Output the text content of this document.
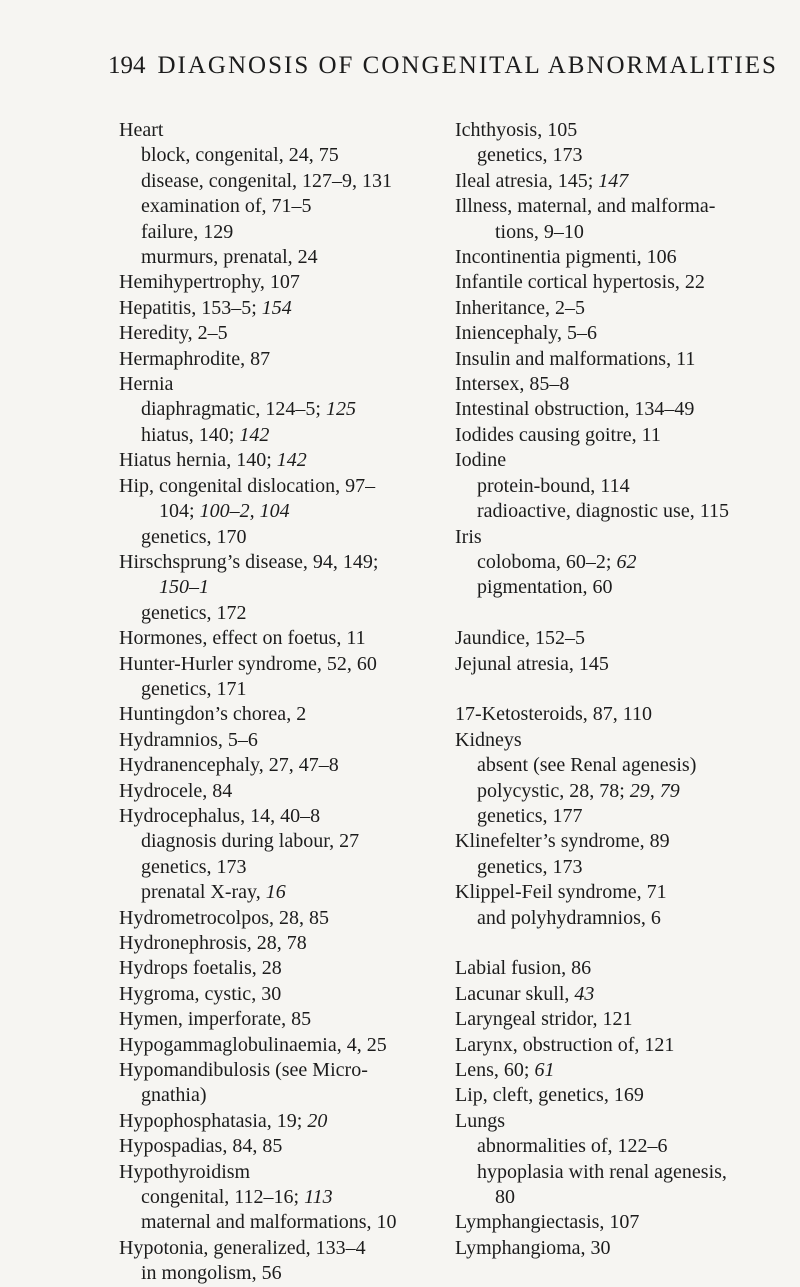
194 DIAGNOSIS OF CONGENITAL ABNORMALITIES
Heart
block, congenital, 24, 75
disease, congenital, 127–9, 131
examination of, 71–5
failure, 129
murmurs, prenatal, 24
Hemihypertrophy, 107
Hepatitis, 153–5; 154
Heredity, 2–5
Hermaphrodite, 87
Hernia
diaphragmatic, 124–5; 125
hiatus, 140; 142
Hiatus hernia, 140; 142
Hip, congenital dislocation, 97–
104; 100–2, 104
genetics, 170
Hirschsprung’s disease, 94, 149;
150–1
genetics, 172
Hormones, effect on foetus, 11
Hunter-Hurler syndrome, 52, 60
genetics, 171
Huntingdon’s chorea, 2
Hydramnios, 5–6
Hydranencephaly, 27, 47–8
Hydrocele, 84
Hydrocephalus, 14, 40–8
diagnosis during labour, 27
genetics, 173
prenatal X-ray, 16
Hydrometrocolpos, 28, 85
Hydronephrosis, 28, 78
Hydrops foetalis, 28
Hygroma, cystic, 30
Hymen, imperforate, 85
Hypogammaglobulinaemia, 4, 25
Hypomandibulosis (see Micro-
gnathia)
Hypophosphatasia, 19; 20
Hypospadias, 84, 85
Hypothyroidism
congenital, 112–16; 113
maternal and malformations, 10
Hypotonia, generalized, 133–4
in mongolism, 56
Ichthyosis, 105
genetics, 173
Ileal atresia, 145; 147
Illness, maternal, and malforma-
tions, 9–10
Incontinentia pigmenti, 106
Infantile cortical hypertosis, 22
Inheritance, 2–5
Iniencephaly, 5–6
Insulin and malformations, 11
Intersex, 85–8
Intestinal obstruction, 134–49
Iodides causing goitre, 11
Iodine
protein-bound, 114
radioactive, diagnostic use, 115
Iris
coloboma, 60–2; 62
pigmentation, 60
Jaundice, 152–5
Jejunal atresia, 145
17-Ketosteroids, 87, 110
Kidneys
absent (see Renal agenesis)
polycystic, 28, 78; 29, 79
genetics, 177
Klinefelter’s syndrome, 89
genetics, 173
Klippel-Feil syndrome, 71
and polyhydramnios, 6
Labial fusion, 86
Lacunar skull, 43
Laryngeal stridor, 121
Larynx, obstruction of, 121
Lens, 60; 61
Lip, cleft, genetics, 169
Lungs
abnormalities of, 122–6
hypoplasia with renal agenesis,
80
Lymphangiectasis, 107
Lymphangioma, 30
